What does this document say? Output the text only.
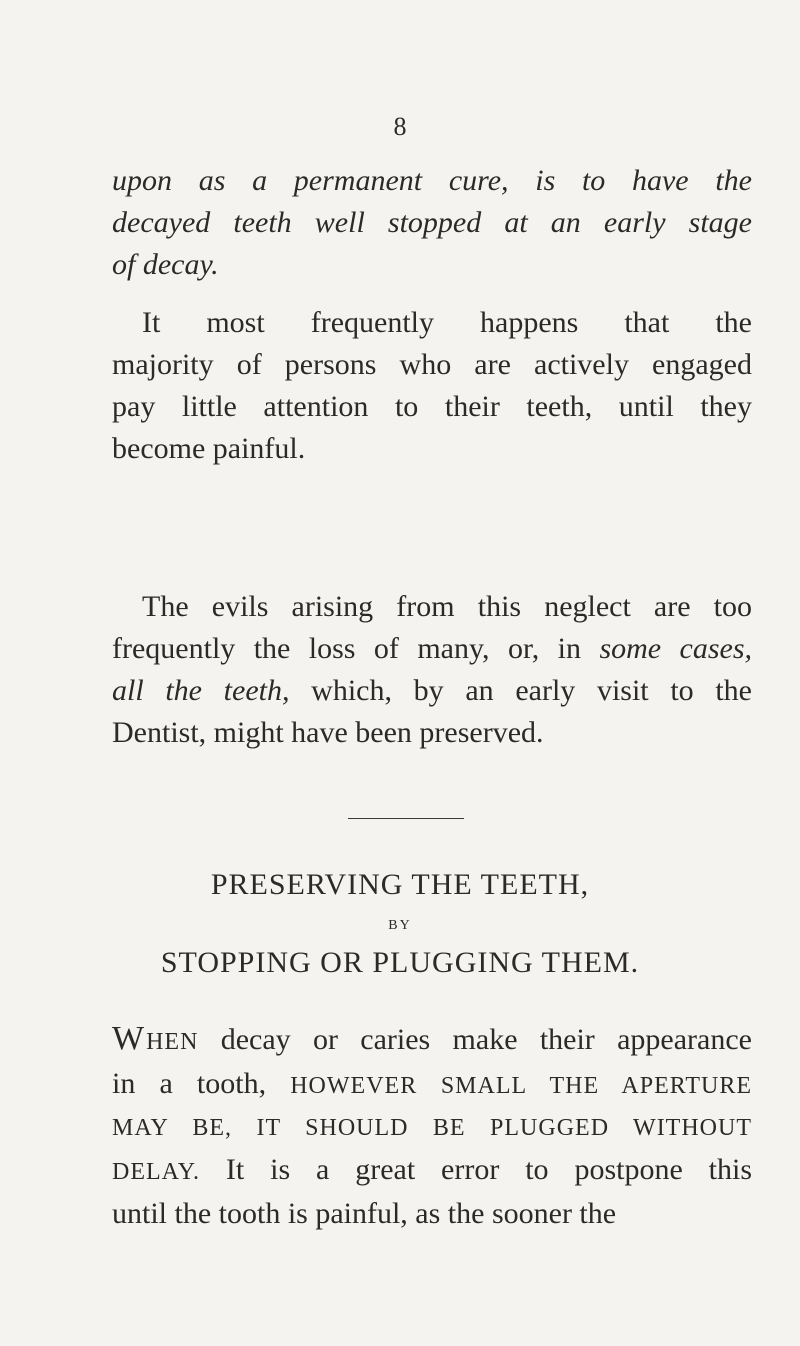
8
upon as a permanent cure, is to have the
decayed teeth well stopped at an early stage
of decay.
It most frequently happens that the
majority of persons who are actively engaged
pay little attention to their teeth, until they
become painful.
The evils arising from this neglect are too
frequently the loss of many, or, in some cases,
all the teeth, which, by an early visit to the
Dentist, might have been preserved.
PRESERVING THE TEETH,
BY
STOPPING OR PLUGGING THEM.
WHEN decay or caries make their appearance
in a tooth, HOWEVER SMALL THE APERTURE
MAY BE, IT SHOULD BE PLUGGED WITHOUT
DELAY. It is a great error to postpone this
until the tooth is painful, as the sooner the
